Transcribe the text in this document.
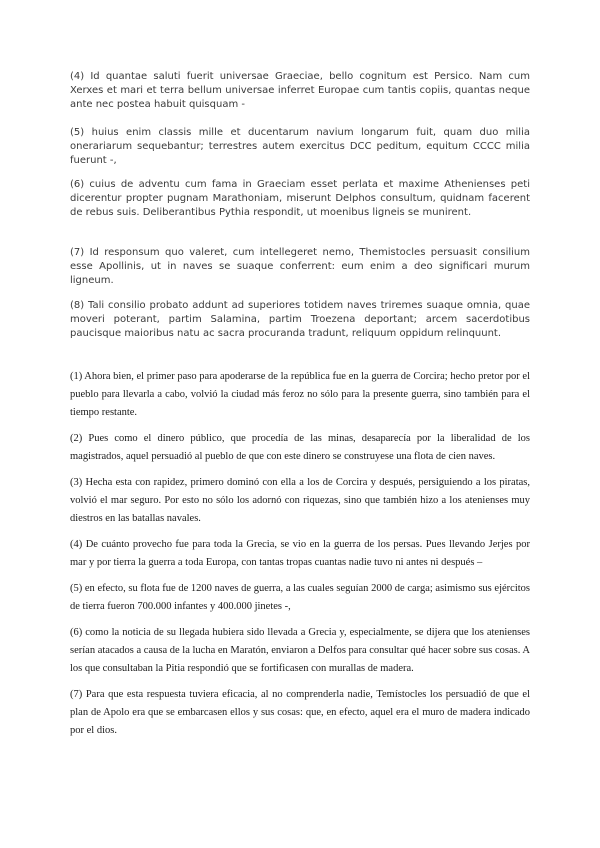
(4) Id quantae saluti fuerit universae Graeciae, bello cognitum est Persico. Nam cum Xerxes et mari et terra bellum universae inferret Europae cum tantis copiis, quantas neque ante nec postea habuit quisquam -

(5) huius enim classis mille et ducentarum navium longarum fuit, quam duo milia onerariarum sequebantur; terrestres autem exercitus DCC peditum, equitum CCCC milia fuerunt -,

(6) cuius de adventu cum fama in Graeciam esset perlata et maxime Athenienses peti dicerentur propter pugnam Marathoniam, miserunt Delphos consultum, quidnam facerent de rebus suis. Deliberantibus Pythia respondit, ut moenibus ligneis se munirent.

(7) Id responsum quo valeret, cum intellegeret nemo, Themistocles persuasit consilium esse Apollinis, ut in naves se suaque conferrent: eum enim a deo significari murum ligneum.

(8) Tali consilio probato addunt ad superiores totidem naves triremes suaque omnia, quae moveri poterant, partim Salamina, partim Troezena deportant; arcem sacerdotibus paucisque maioribus natu ac sacra procuranda tradunt, reliquum oppidum relinquunt.

(1) Ahora bien, el primer paso para apoderarse de la república fue en la guerra de Corcira; hecho pretor por el pueblo para llevarla a cabo, volvió la ciudad más feroz no sólo para la presente guerra, sino también para el tiempo restante.

(2) Pues como el dinero público, que procedía de las minas, desaparecía por la liberalidad de los magistrados, aquel persuadió al pueblo de que con este dinero se construyese una flota de cien naves.

(3) Hecha esta con rapidez, primero dominó con ella a los de Corcira y después, persiguiendo a los piratas, volvió el mar seguro. Por esto no sólo los adornó con riquezas, sino que también hizo a los atenienses muy diestros en las batallas navales.

(4) De cuánto provecho fue para toda la Grecia, se vio en la guerra de los persas. Pues llevando Jerjes por mar y por tierra la guerra a toda Europa, con tantas tropas cuantas nadie tuvo ni antes ni después –

(5) en efecto, su flota fue de 1200 naves de guerra, a las cuales seguían 2000 de carga; asimismo sus ejércitos de tierra fueron 700.000 infantes y 400.000 jinetes -,

(6) como la noticia de su llegada hubiera sido llevada a Grecia y, especialmente, se dijera que los atenienses serían atacados a causa de la lucha en Maratón, enviaron a Delfos para consultar qué hacer sobre sus cosas. A los que consultaban la Pitia respondió que se fortificasen con murallas de madera.

(7) Para que esta respuesta tuviera eficacia, al no comprenderla nadie, Temístocles los persuadió de que el plan de Apolo era que se embarcasen ellos y sus cosas: que, en efecto, aquel era el muro de madera indicado por el dios.
